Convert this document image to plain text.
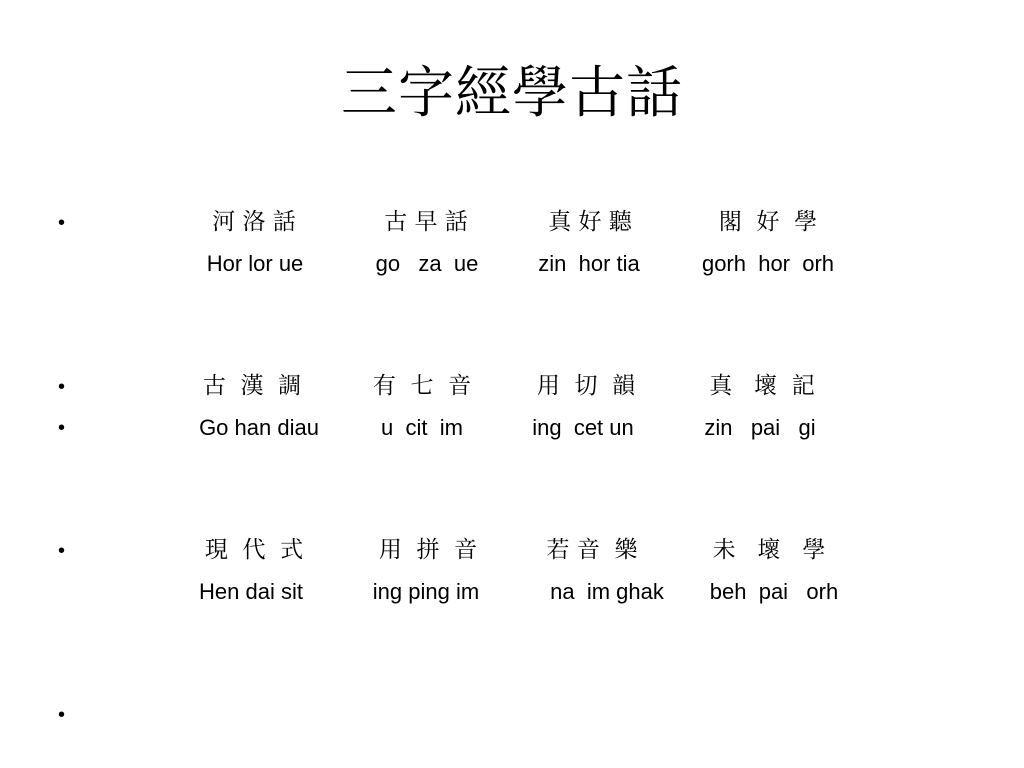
三字經學古話
•
•
•
•
•
河 洛 話	古 早 話	真 好 聽	閣  好  學
Hor lor ue	go   za  ue	zin  hor tia	gorh  hor  orh
古  漢  調	有  七  音	用  切  韻	真   壞  記
Go han diau	u  cit  im	ing  cet un	zin   pai   gi
現  代  式	用  拼  音	若 音  樂	未   壞   學
Hen dai sit	ing ping im	na  im ghak	beh  pai   orh
